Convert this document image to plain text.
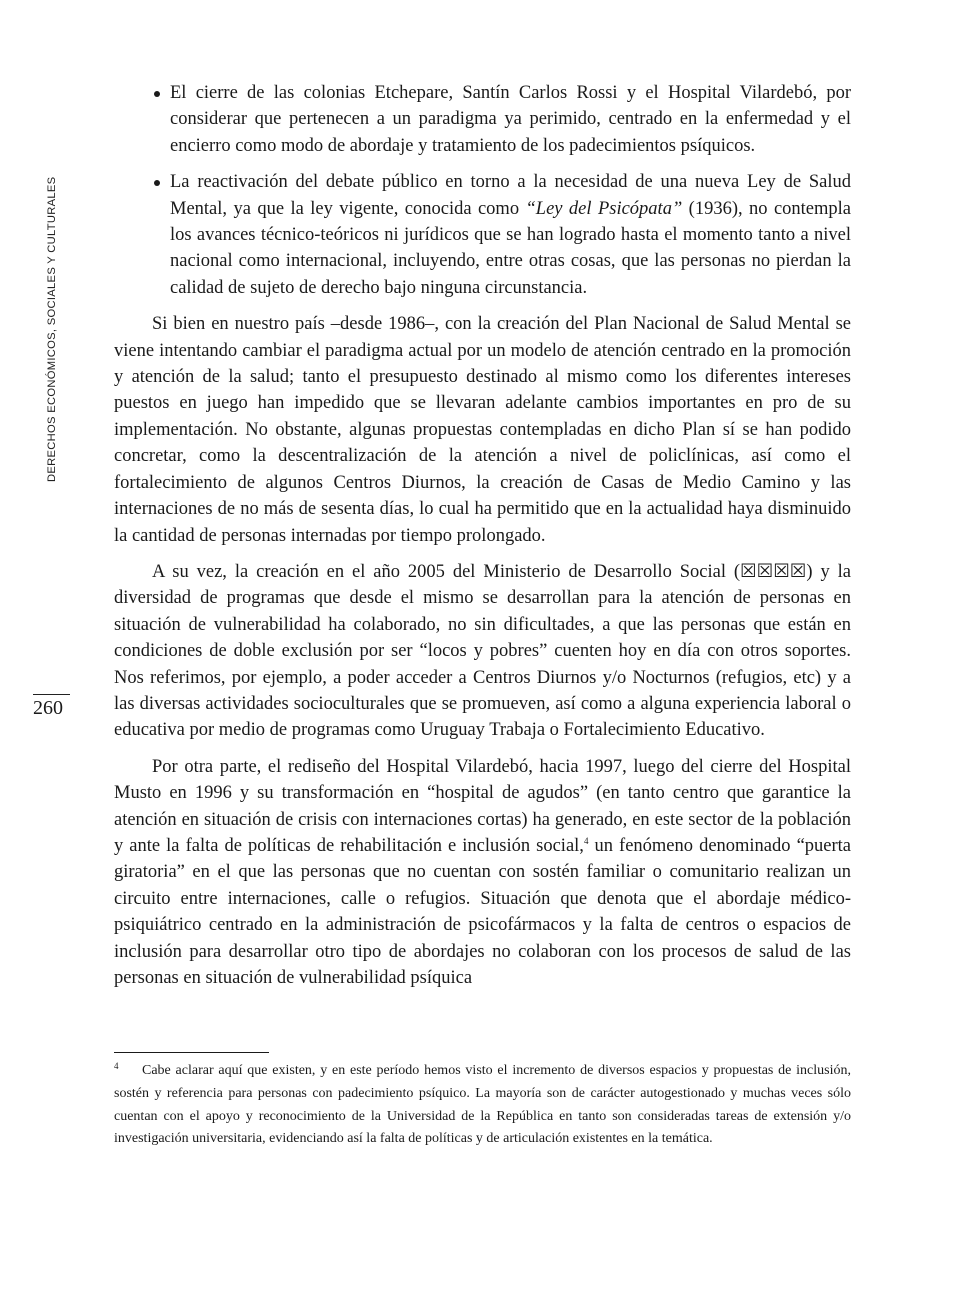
DERECHOS ECONÓMICOS, SOCIALES Y CULTURALES
260
El cierre de las colonias Etchepare, Santín Carlos Rossi y el Hospital Vilardebó, por considerar que pertenecen a un paradigma ya perimido, centrado en la enfermedad y el encierro como modo de abordaje y tratamiento de los padecimientos psíquicos.
La reactivación del debate público en torno a la necesidad de una nueva Ley de Salud Mental, ya que la ley vigente, conocida como “Ley del Psicópata” (1936), no contempla los avances técnico-teóricos ni jurídicos que se han logrado hasta el momento tanto a nivel nacional como internacional, incluyendo, entre otras cosas, que las personas no pierdan la calidad de sujeto de derecho bajo ninguna circunstancia.

Si bien en nuestro país –desde 1986–, con la creación del Plan Nacional de Salud Mental se viene intentando cambiar el paradigma actual por un modelo de atención centrado en la promoción y atención de la salud; tanto el presupuesto destinado al mismo como los diferentes intereses puestos en juego han impedido que se llevaran adelante cambios importantes en pro de su implementación. No obstante, algunas propuestas contempladas en dicho Plan sí se han podido concretar, como la descentralización de la atención a nivel de policlínicas, así como el fortalecimiento de algunos Centros Diurnos, la creación de Casas de Medio Camino y las internaciones de no más de sesenta días, lo cual ha permitido que en la actualidad haya disminuido la cantidad de personas internadas por tiempo prolongado.

A su vez, la creación en el año 2005 del Ministerio de Desarrollo Social (☒☒☒☒) y la diversidad de programas que desde el mismo se desarrollan para la atención de personas en situación de vulnerabilidad ha colaborado, no sin dificultades, a que las personas que están en condiciones de doble exclusión por ser “locos y pobres” cuenten hoy en día con otros soportes. Nos referimos, por ejemplo, a poder acceder a Centros Diurnos y/o Nocturnos (refugios, etc) y a las diversas actividades socioculturales que se promueven, así como a alguna experiencia laboral o educativa por medio de programas como Uruguay Trabaja o Fortalecimiento Educativo.

Por otra parte, el rediseño del Hospital Vilardebó, hacia 1997, luego del cierre del Hospital Musto en 1996 y su transformación en “hospital de agudos” (en tanto centro que garantice la atención en situación de crisis con internaciones cortas) ha generado, en este sector de la población y ante la falta de políticas de rehabilitación e inclusión social,$^4$ un fenómeno denominado “puerta giratoria” en el que las personas que no cuentan con sostén familiar o comunitario realizan un circuito entre internaciones, calle o refugios. Situación que denota que el abordaje médico-psiquiátrico centrado en la administración de psicofármacos y la falta de centros o espacios de inclusión para desarrollar otro tipo de abordajes no colaboran con los procesos de salud de las personas en situación de vulnerabilidad psíquica

4 Cabe aclarar aquí que existen, y en este período hemos visto el incremento de diversos espacios y propuestas de inclusión, sostén y referencia para personas con padecimiento psíquico. La mayoría son de carácter autogestionado y muchas veces sólo cuentan con el apoyo y reconocimiento de la Universidad de la República en tanto son consideradas tareas de extensión y/o investigación universitaria, evidenciando así la falta de políticas y de articulación existentes en la temática.
